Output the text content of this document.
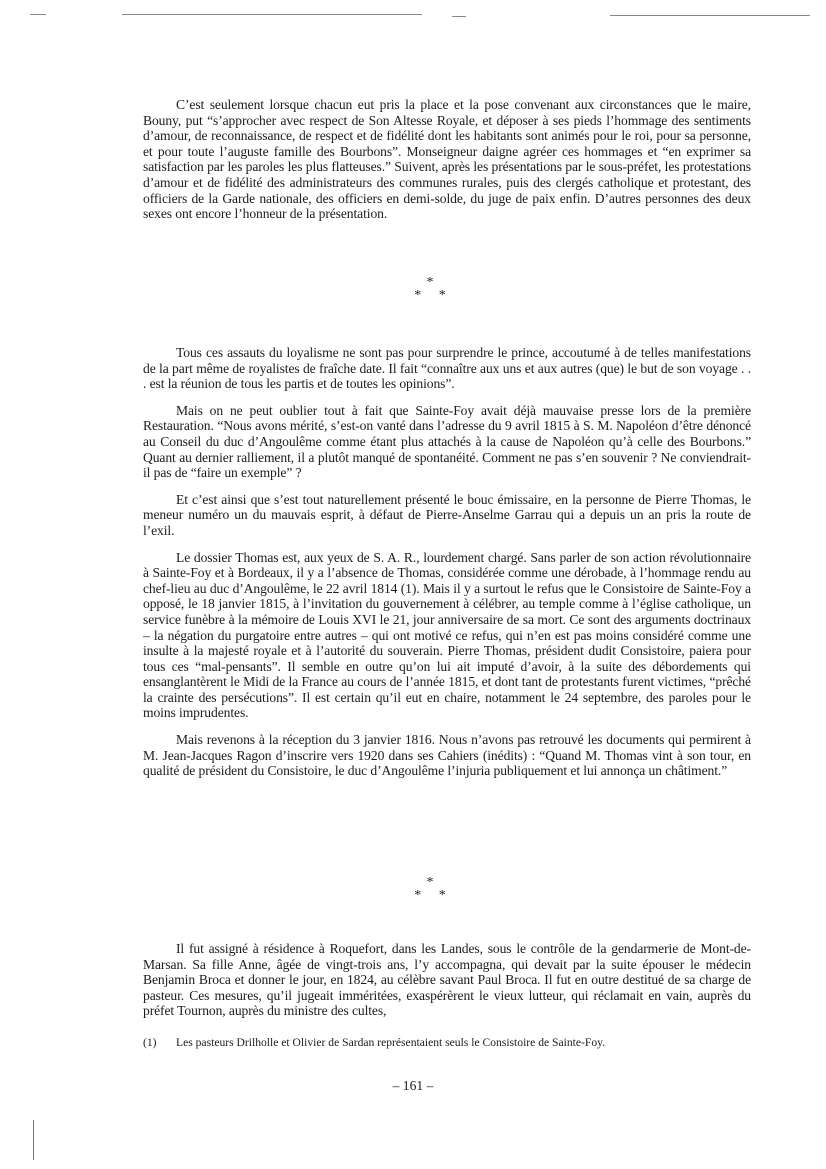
C’est seulement lorsque chacun eut pris la place et la pose convenant aux circonstances que le maire, Bouny, put “s’approcher avec respect de Son Altesse Royale, et déposer à ses pieds l’hommage des sentiments d’amour, de reconnaissance, de respect et de fidélité dont les habitants sont animés pour le roi, pour sa personne, et pour toute l’auguste famille des Bourbons”. Monseigneur daigne agréer ces hommages et “en exprimer sa satisfaction par les paroles les plus flatteuses.” Suivent, après les présentations par le sous-préfet, les protestations d’amour et de fidélité des administrateurs des communes rurales, puis des clergés catholique et protestant, des officiers de la Garde nationale, des officiers en demi-solde, du juge de paix enfin. D’autres personnes des deux sexes ont encore l’honneur de la présentation.

*
* *

Tous ces assauts du loyalisme ne sont pas pour surprendre le prince, accoutumé à de telles manifestations de la part même de royalistes de fraîche date. Il fait “connaître aux uns et aux autres (que) le but de son voyage . . . est la réunion de tous les partis et de toutes les opinions”.

Mais on ne peut oublier tout à fait que Sainte-Foy avait déjà mauvaise presse lors de la première Restauration. “Nous avons mérité, s’est-on vanté dans l’adresse du 9 avril 1815 à S. M. Napoléon d’être dénoncé au Conseil du duc d’Angoulême comme étant plus attachés à la cause de Napoléon qu’à celle des Bourbons.” Quant au dernier ralliement, il a plutôt manqué de spontanéité. Comment ne pas s’en souvenir ? Ne conviendrait-il pas de “faire un exemple” ?

Et c’est ainsi que s’est tout naturellement présenté le bouc émissaire, en la personne de Pierre Thomas, le meneur numéro un du mauvais esprit, à défaut de Pierre-Anselme Garrau qui a depuis un an pris la route de l’exil.

Le dossier Thomas est, aux yeux de S. A. R., lourdement chargé. Sans parler de son action révolutionnaire à Sainte-Foy et à Bordeaux, il y a l’absence de Thomas, considérée comme une dérobade, à l’hommage rendu au chef-lieu au duc d’Angoulême, le 22 avril 1814 (1). Mais il y a surtout le refus que le Consistoire de Sainte-Foy a opposé, le 18 janvier 1815, à l’invitation du gouvernement à célébrer, au temple comme à l’église catholique, un service funèbre à la mémoire de Louis XVI le 21, jour anniversaire de sa mort. Ce sont des arguments doctrinaux – la négation du purgatoire entre autres – qui ont motivé ce refus, qui n’en est pas moins considéré comme une insulte à la majesté royale et à l’autorité du souverain. Pierre Thomas, président dudit Consistoire, paiera pour tous ces “mal-pensants”. Il semble en outre qu’on lui ait imputé d’avoir, à la suite des débordements qui ensanglantèrent le Midi de la France au cours de l’année 1815, et dont tant de protestants furent victimes, “prêché la crainte des persécutions”. Il est certain qu’il eut en chaire, notamment le 24 septembre, des paroles pour le moins imprudentes.

Mais revenons à la réception du 3 janvier 1816. Nous n’avons pas retrouvé les documents qui permirent à M. Jean-Jacques Ragon d’inscrire vers 1920 dans ses Cahiers (inédits) : “Quand M. Thomas vint à son tour, en qualité de président du Consistoire, le duc d’Angoulême l’injuria publiquement et lui annonça un châtiment.”

*
* *

Il fut assigné à résidence à Roquefort, dans les Landes, sous le contrôle de la gendarmerie de Mont-de-Marsan. Sa fille Anne, âgée de vingt-trois ans, l’y accompagna, qui devait par la suite épouser le médecin Benjamin Broca et donner le jour, en 1824, au célèbre savant Paul Broca. Il fut en outre destitué de sa charge de pasteur. Ces mesures, qu’il jugeait imméritées, exaspérèrent le vieux lutteur, qui réclamait en vain, auprès du préfet Tournon, auprès du ministre des cultes,

(1) Les pasteurs Drilholle et Olivier de Sardan représentaient seuls le Consistoire de Sainte-Foy.
– 161 –
